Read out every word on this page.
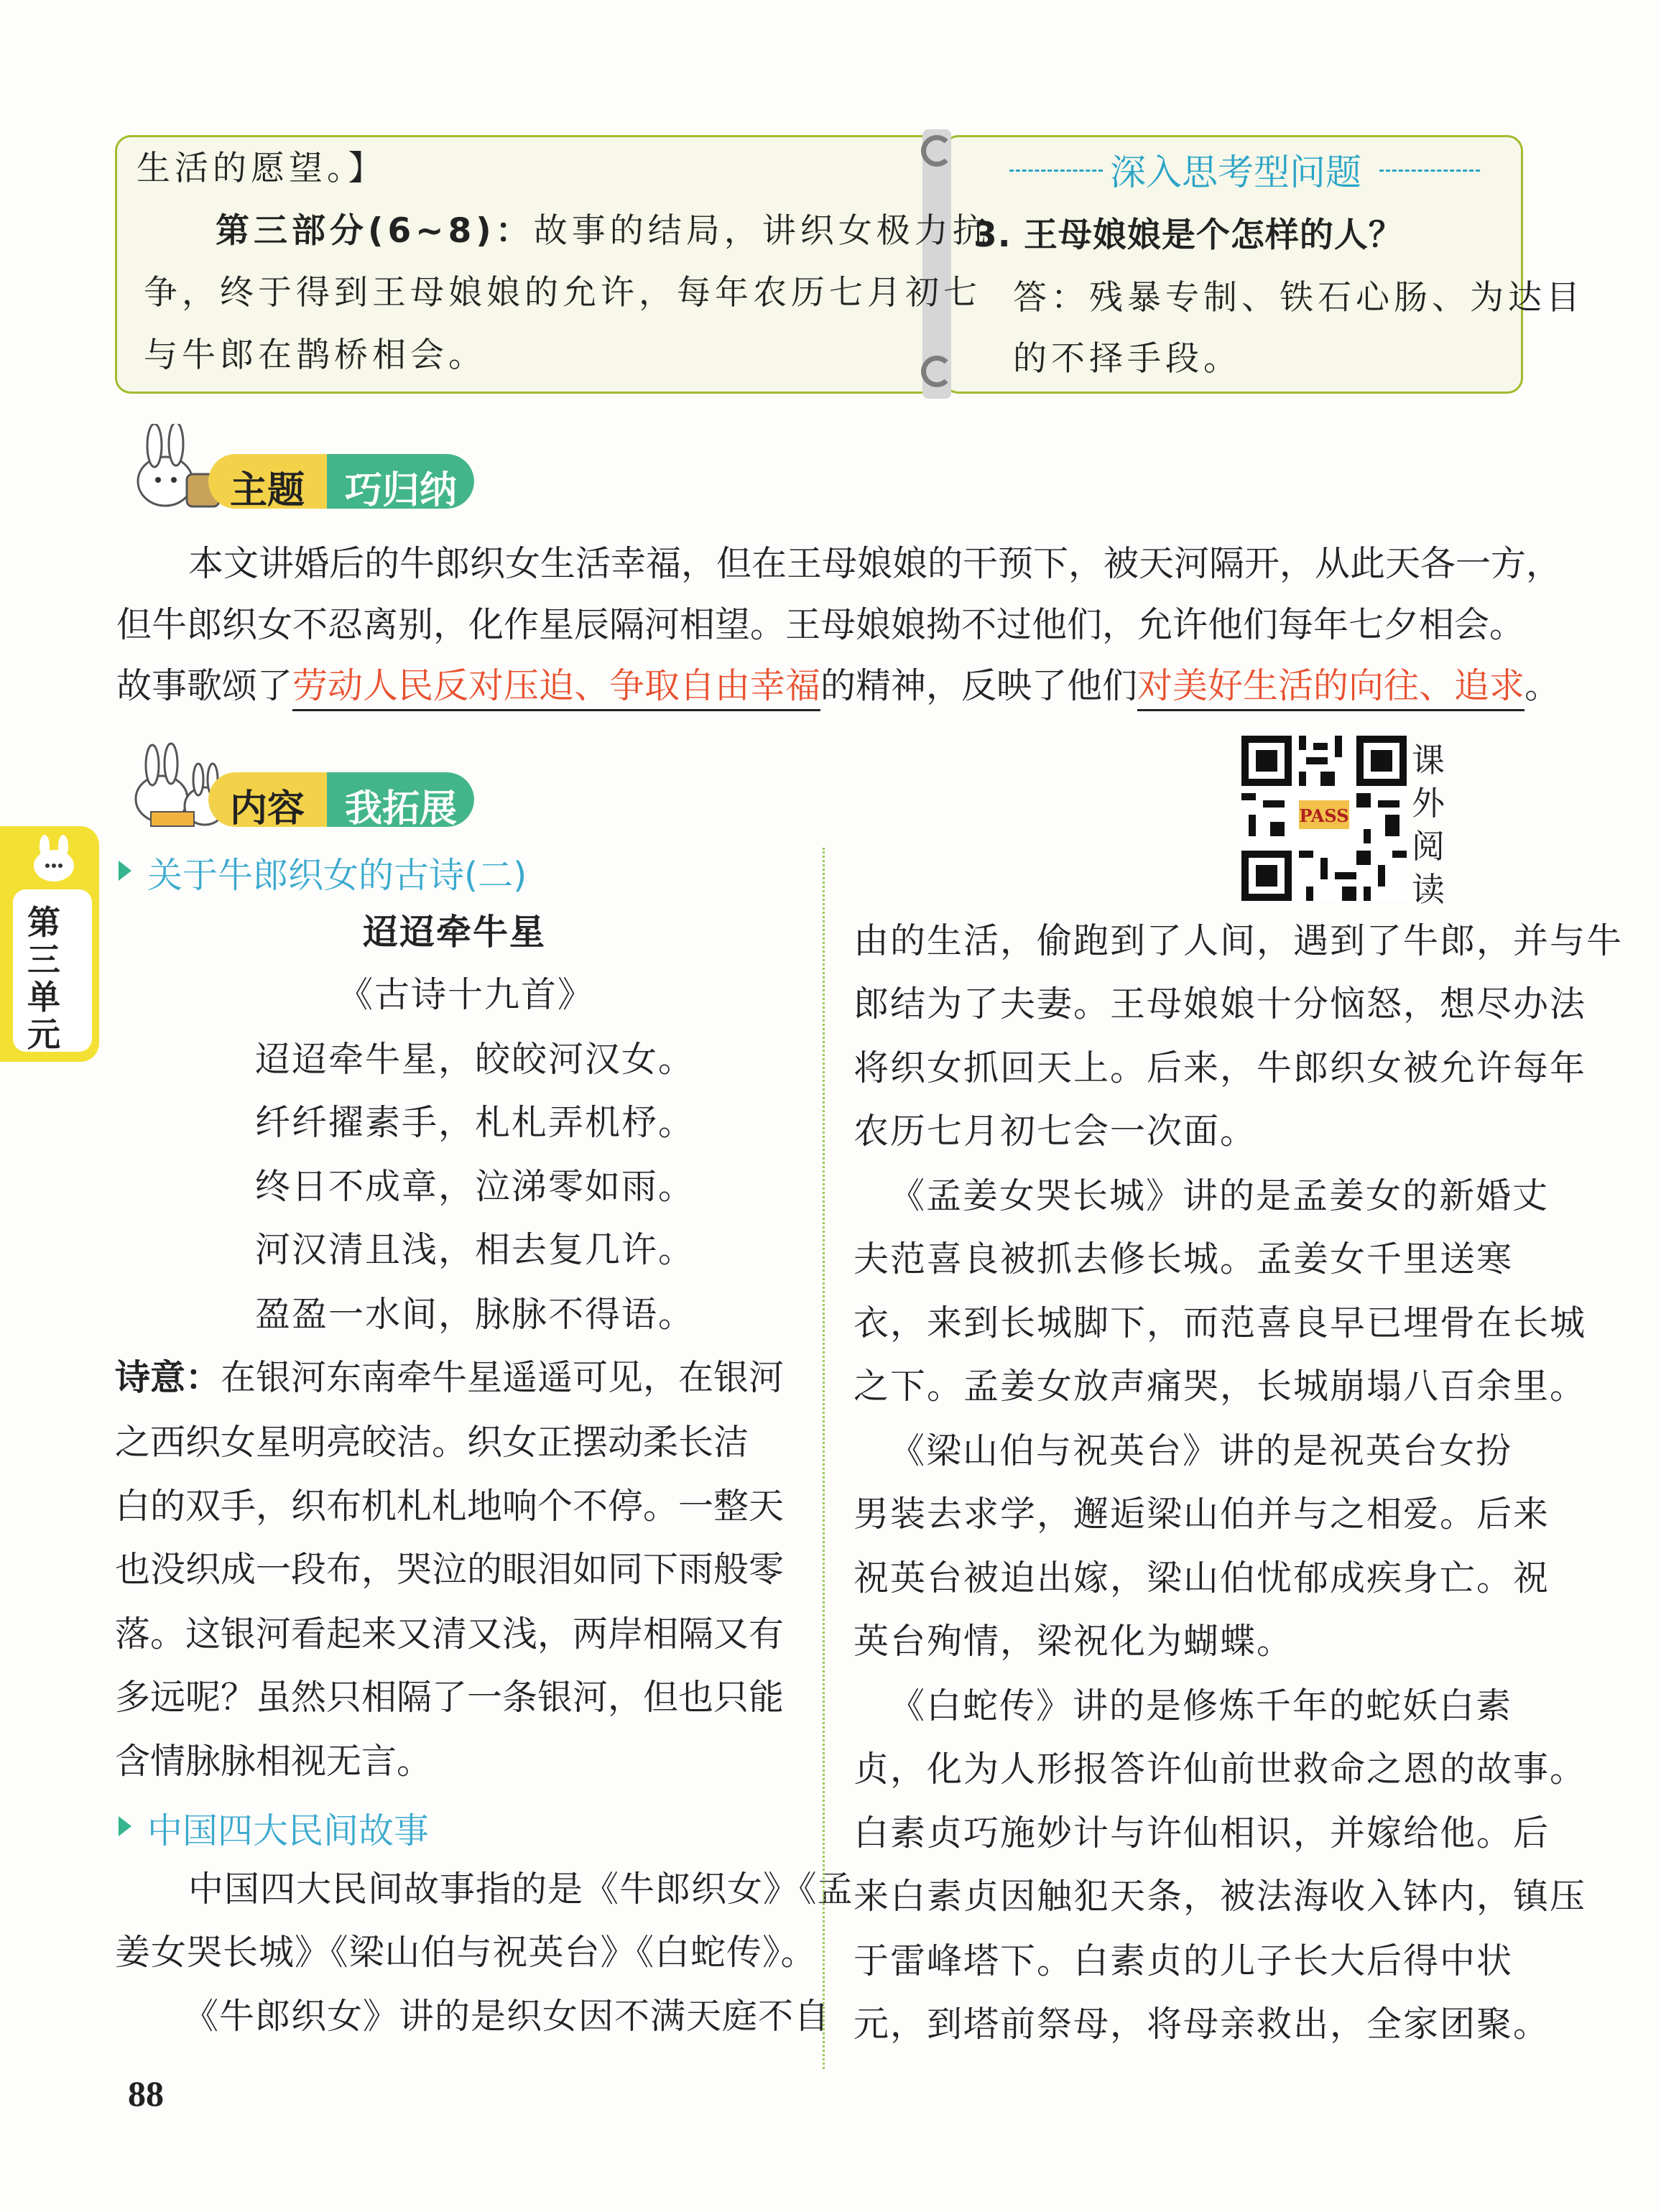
生活的愿望。】
第三部分(6~8)：故事的结局，讲织女极力抗
争，终于得到王母娘娘的允许，每年农历七月初七
与牛郎在鹊桥相会。
深入思考型问题
3. 王母娘娘是个怎样的人？
答：残暴专制、铁石心肠、为达目
的不择手段。
主题 巧归纳
本文讲婚后的牛郎织女生活幸福，但在王母娘娘的干预下，被天河隔开，从此天各一方，
但牛郎织女不忍离别，化作星辰隔河相望。王母娘娘拗不过他们，允许他们每年七夕相会。
故事歌颂了劳动人民反对压迫、争取自由幸福的精神，反映了他们对美好生活的向往、追求。
内容 我拓展	PASS
课
外
阅
读
第
三
单
元
关于牛郎织女的古诗(二)
迢迢牵牛星
《古诗十九首》
迢迢牵牛星，皎皎河汉女。
纤纤擢素手，札札弄机杼。
终日不成章，泣涕零如雨。
河汉清且浅，相去复几许。
盈盈一水间，脉脉不得语。
诗意：在银河东南牵牛星遥遥可见，在银河
之西织女星明亮皎洁。织女正摆动柔长洁
白的双手，织布机札札地响个不停。一整天
也没织成一段布，哭泣的眼泪如同下雨般零
落。这银河看起来又清又浅，两岸相隔又有
多远呢？虽然只相隔了一条银河，但也只能
含情脉脉相视无言。
中国四大民间故事
中国四大民间故事指的是《牛郎织女》《孟
姜女哭长城》《梁山伯与祝英台》《白蛇传》。
《牛郎织女》讲的是织女因不满天庭不自
由的生活，偷跑到了人间，遇到了牛郎，并与牛
郎结为了夫妻。王母娘娘十分恼怒，想尽办法
将织女抓回天上。后来，牛郎织女被允许每年
农历七月初七会一次面。
《孟姜女哭长城》讲的是孟姜女的新婚丈
夫范喜良被抓去修长城。孟姜女千里送寒
衣，来到长城脚下，而范喜良早已埋骨在长城
之下。孟姜女放声痛哭，长城崩塌八百余里。
《梁山伯与祝英台》讲的是祝英台女扮
男装去求学，邂逅梁山伯并与之相爱。后来
祝英台被迫出嫁，梁山伯忧郁成疾身亡。祝
英台殉情，梁祝化为蝴蝶。
《白蛇传》讲的是修炼千年的蛇妖白素
贞，化为人形报答许仙前世救命之恩的故事。
白素贞巧施妙计与许仙相识，并嫁给他。后
来白素贞因触犯天条，被法海收入钵内，镇压
于雷峰塔下。白素贞的儿子长大后得中状
元，到塔前祭母，将母亲救出，全家团聚。
88
